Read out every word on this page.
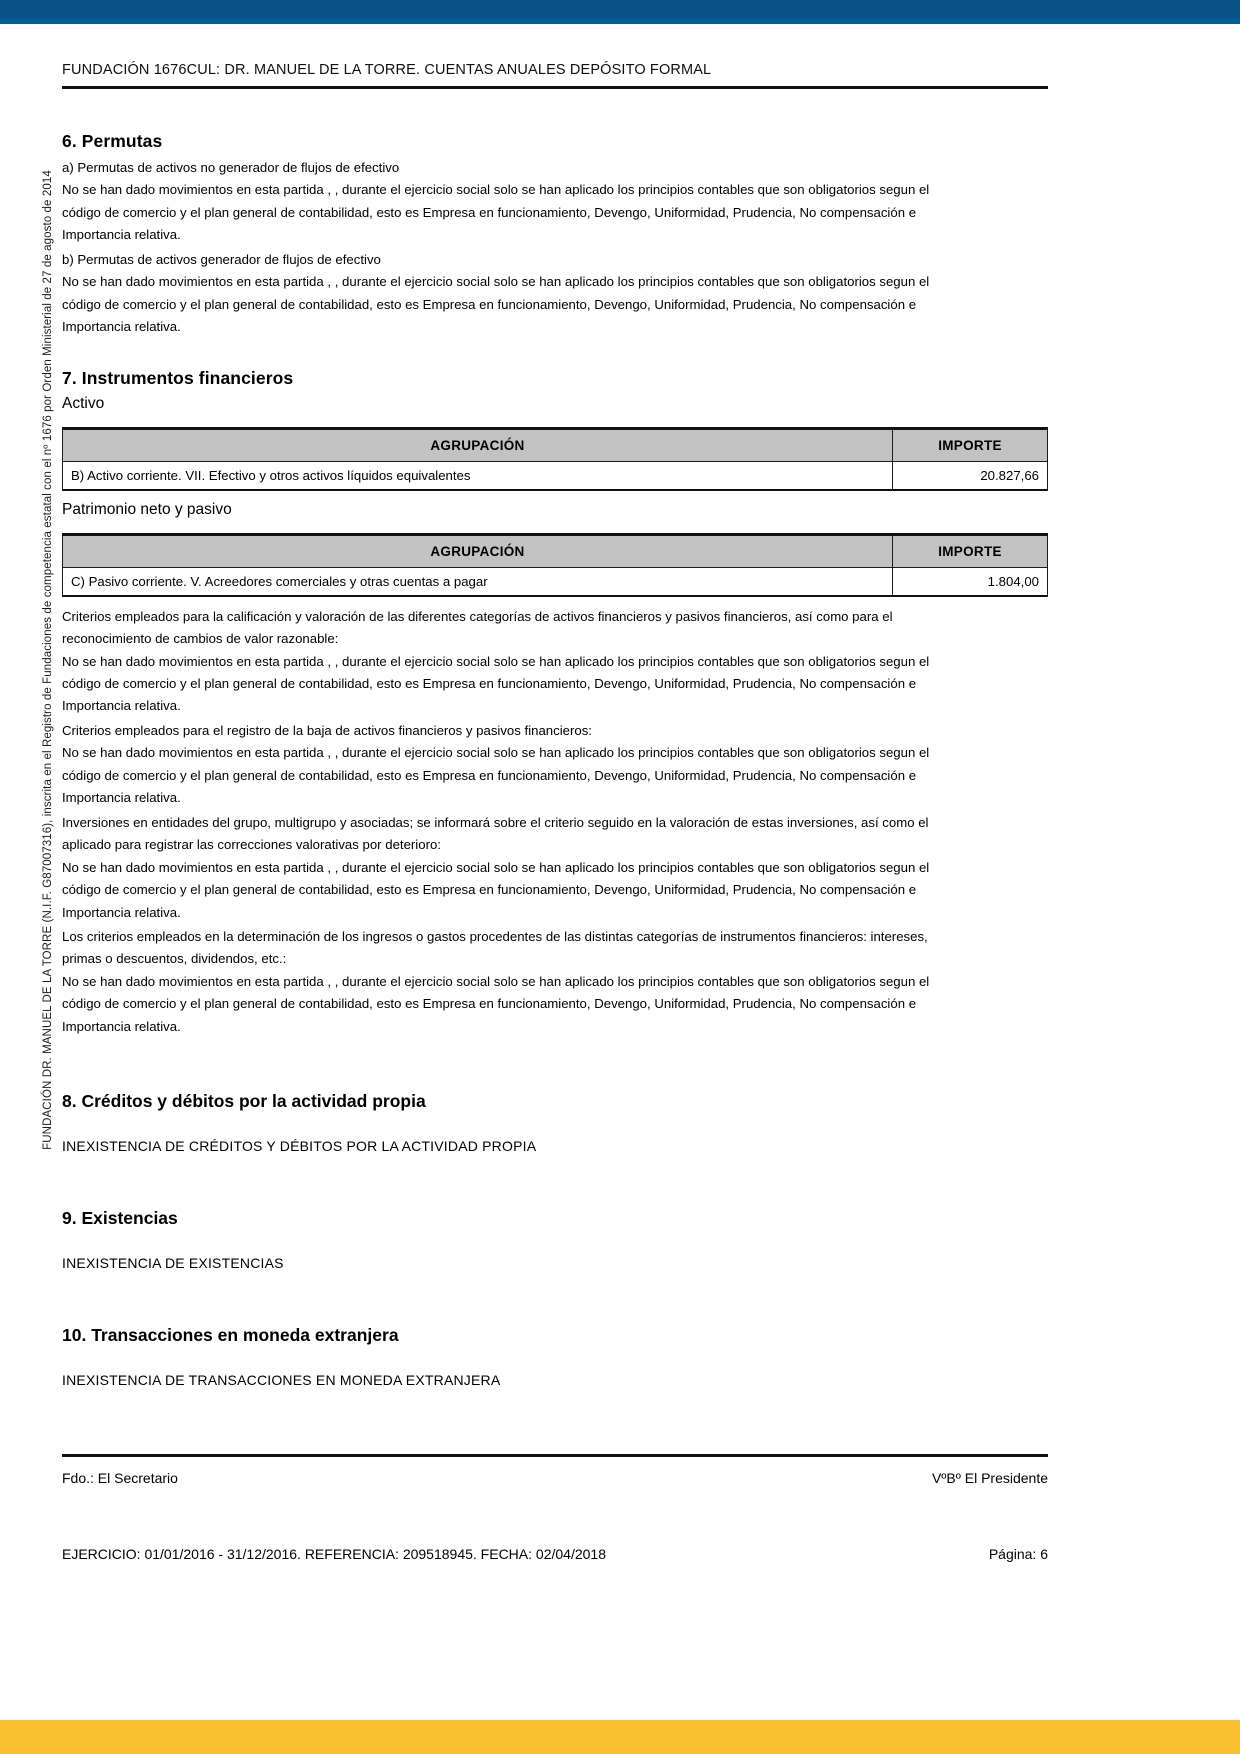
FUNDACIÓN DR. MANUEL DE LA TORRE (N.I.F. G87007316), inscrita en el Registro de Fundaciones de competencia estatal con el nº 1676 por Orden Ministerial de 27 de agosto de 2014
FUNDACIÓN 1676CUL: DR. MANUEL DE LA TORRE. CUENTAS ANUALES DEPÓSITO FORMAL
6. Permutas

a) Permutas de activos no generador de flujos de efectivo

No se han dado movimientos en esta partida , , durante el ejercicio social solo se han aplicado los principios contables que son obligatorios segun el

código de comercio y el plan general de contabilidad, esto es Empresa en funcionamiento, Devengo, Uniformidad, Prudencia, No compensación e

Importancia relativa.

b) Permutas de activos generador de flujos de efectivo

No se han dado movimientos en esta partida , , durante el ejercicio social solo se han aplicado los principios contables que son obligatorios segun el

código de comercio y el plan general de contabilidad, esto es Empresa en funcionamiento, Devengo, Uniformidad, Prudencia, No compensación e

Importancia relativa.

7. Instrumentos financieros
Activo
AGRUPACIÓN	IMPORTE
B) Activo corriente. VII. Efectivo y otros activos líquidos equivalentes	20.827,66
Patrimonio neto y pasivo
AGRUPACIÓN	IMPORTE
C) Pasivo corriente. V. Acreedores comerciales y otras cuentas a pagar	1.804,00

Criterios empleados para la calificación y valoración de las diferentes categorías de activos financieros y pasivos financieros, así como para el

reconocimiento de cambios de valor razonable:

No se han dado movimientos en esta partida , , durante el ejercicio social solo se han aplicado los principios contables que son obligatorios segun el

código de comercio y el plan general de contabilidad, esto es Empresa en funcionamiento, Devengo, Uniformidad, Prudencia, No compensación e

Importancia relativa.

Criterios empleados para el registro de la baja de activos financieros y pasivos financieros:

No se han dado movimientos en esta partida , , durante el ejercicio social solo se han aplicado los principios contables que son obligatorios segun el

código de comercio y el plan general de contabilidad, esto es Empresa en funcionamiento, Devengo, Uniformidad, Prudencia, No compensación e

Importancia relativa.

Inversiones en entidades del grupo, multigrupo y asociadas; se informará sobre el criterio seguido en la valoración de estas inversiones, así como el

aplicado para registrar las correcciones valorativas por deterioro:

No se han dado movimientos en esta partida , , durante el ejercicio social solo se han aplicado los principios contables que son obligatorios segun el

código de comercio y el plan general de contabilidad, esto es Empresa en funcionamiento, Devengo, Uniformidad, Prudencia, No compensación e

Importancia relativa.

Los criterios empleados en la determinación de los ingresos o gastos procedentes de las distintas categorías de instrumentos financieros: intereses,

primas o descuentos, dividendos, etc.:

No se han dado movimientos en esta partida , , durante el ejercicio social solo se han aplicado los principios contables que son obligatorios segun el

código de comercio y el plan general de contabilidad, esto es Empresa en funcionamiento, Devengo, Uniformidad, Prudencia, No compensación e

Importancia relativa.

8. Créditos y débitos por la actividad propia

INEXISTENCIA DE CRÉDITOS Y DÉBITOS POR LA ACTIVIDAD PROPIA

9. Existencias

INEXISTENCIA DE EXISTENCIAS

10. Transacciones en moneda extranjera

INEXISTENCIA DE TRANSACCIONES EN MONEDA EXTRANJERA

Fdo.: El Secretario	VºBº El Presidente
EJERCICIO: 01/01/2016 - 31/12/2016. REFERENCIA: 209518945. FECHA: 02/04/2018	Página: 6
